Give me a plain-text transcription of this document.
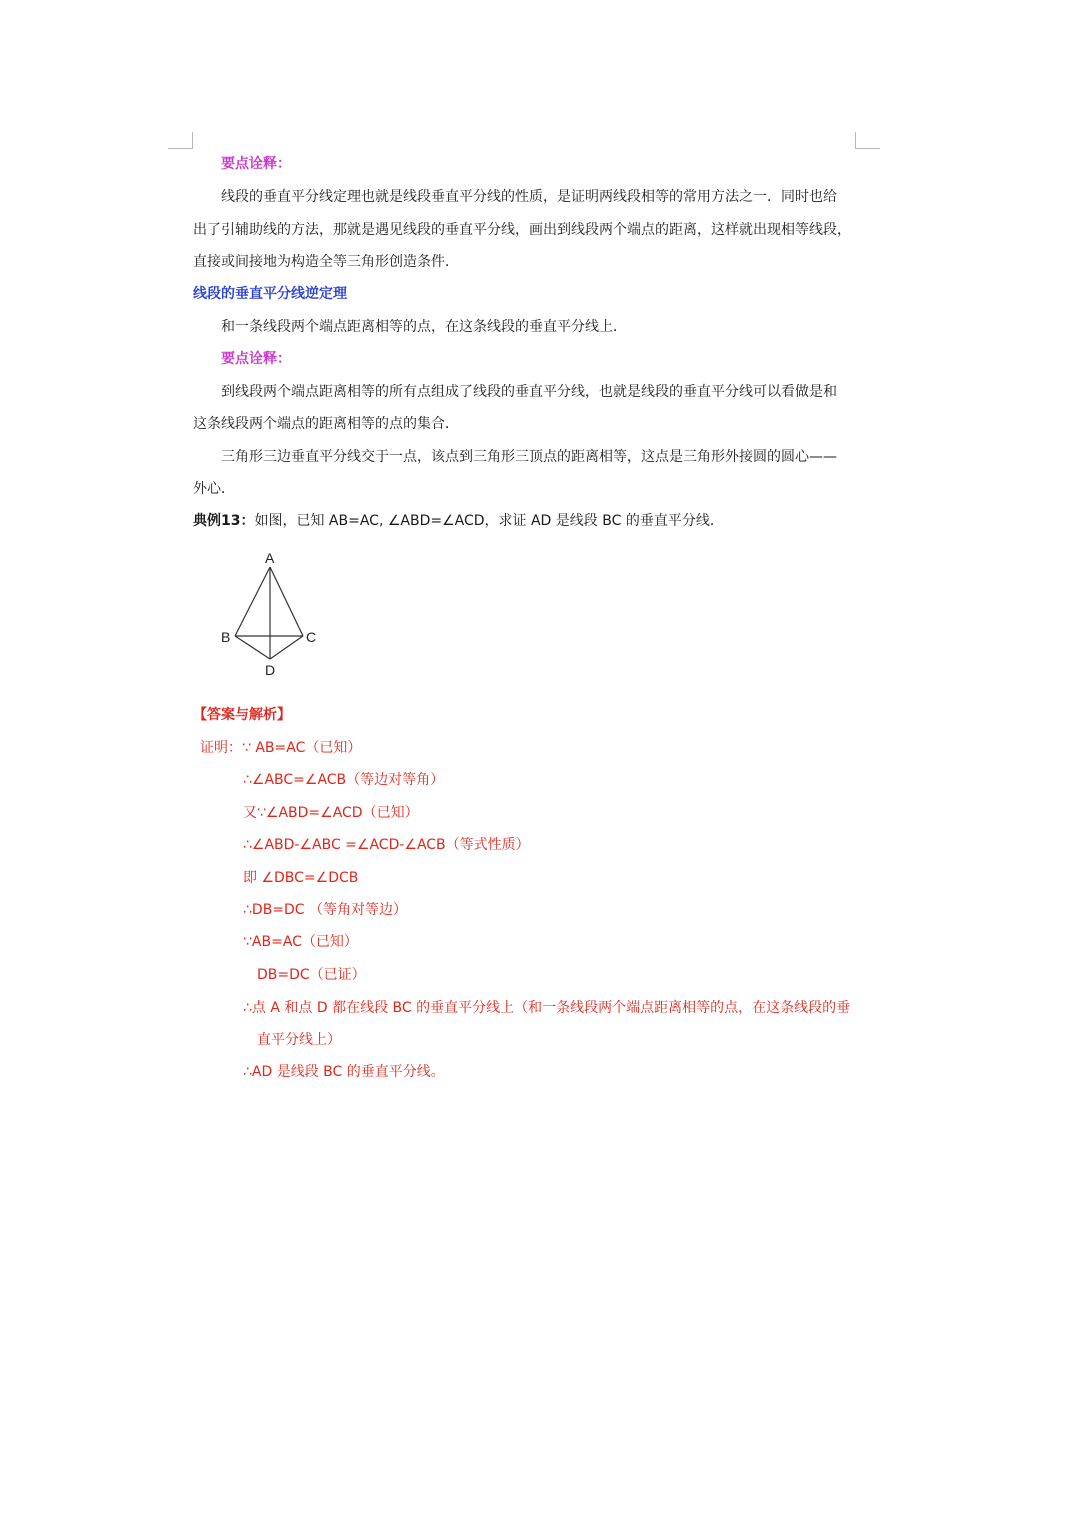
要点诠释：
线段的垂直平分线定理也就是线段垂直平分线的性质，是证明两线段相等的常用方法之一．同时也给
出了引辅助线的方法，那就是遇见线段的垂直平分线，画出到线段两个端点的距离，这样就出现相等线段，
直接或间接地为构造全等三角形创造条件．
线段的垂直平分线逆定理
和一条线段两个端点距离相等的点，在这条线段的垂直平分线上．
要点诠释：
到线段两个端点距离相等的所有点组成了线段的垂直平分线，也就是线段的垂直平分线可以看做是和
这条线段两个端点的距离相等的点的集合．
三角形三边垂直平分线交于一点，该点到三角形三顶点的距离相等，这点是三角形外接圆的圆心——
外心．
典例13：如图，已知 AB=AC, ∠ABD=∠ACD，求证 AD 是线段 BC 的垂直平分线．
A
B	C
D
【答案与解析】
证明：∵ AB=AC（已知）
∴∠ABC=∠ACB（等边对等角）
又∵∠ABD=∠ACD（已知）
∴∠ABD-∠ABC =∠ACD-∠ACB（等式性质）
即 ∠DBC=∠DCB
∴DB=DC （等角对等边）
∵AB=AC（已知）
DB=DC（已证）
∴点 A 和点 D 都在线段 BC 的垂直平分线上（和一条线段两个端点距离相等的点，在这条线段的垂
直平分线上）
∴AD 是线段 BC 的垂直平分线。
